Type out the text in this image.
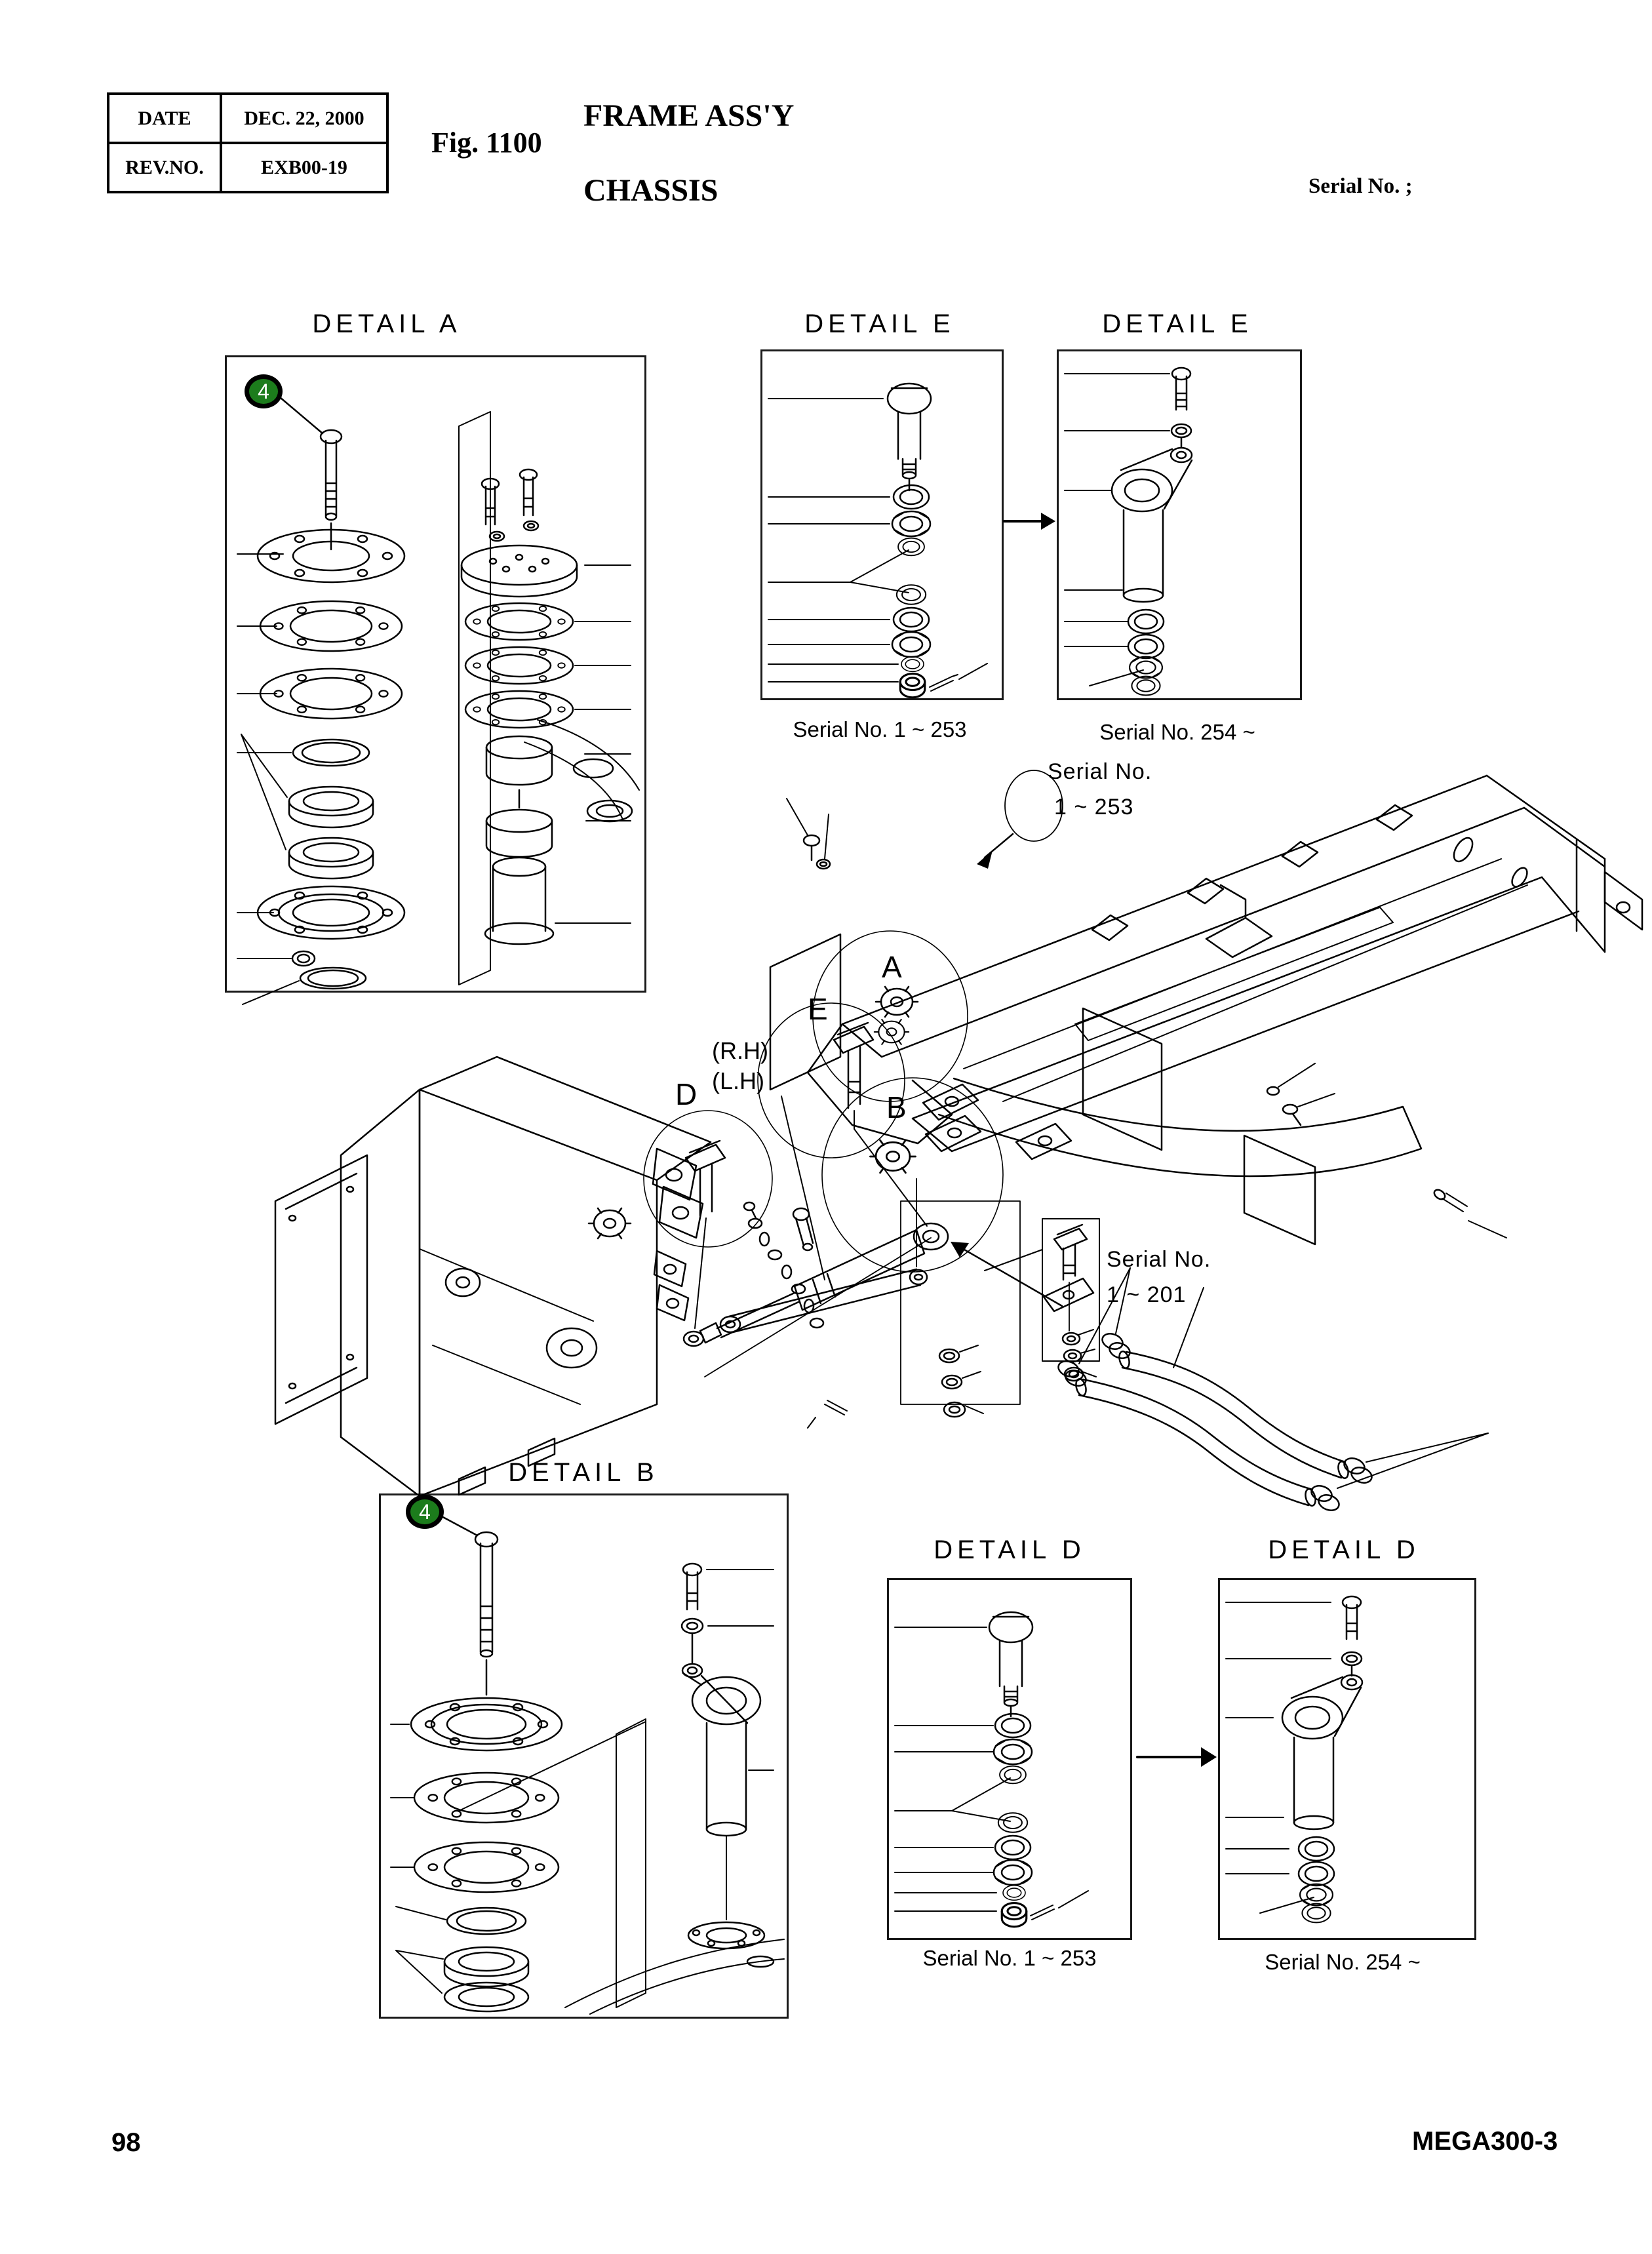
DATE	DEC. 22, 2000
REV.NO.	EXB00-19
Fig. 1100
FRAME ASS'Y

CHASSIS	Serial No. ;
DETAIL A	DETAIL E
Serial No. 1 ~ 253
DETAIL E
Serial No. 254 ~
DETAIL B
DETAIL D
Serial No. 1 ~ 253
DETAIL D
Serial No. 254 ~
4
4
A
E
D	B
(R.H)
(L.H)
Serial No.
1 ~ 253
Serial No.
1 ~ 201
98	MEGA300-3
